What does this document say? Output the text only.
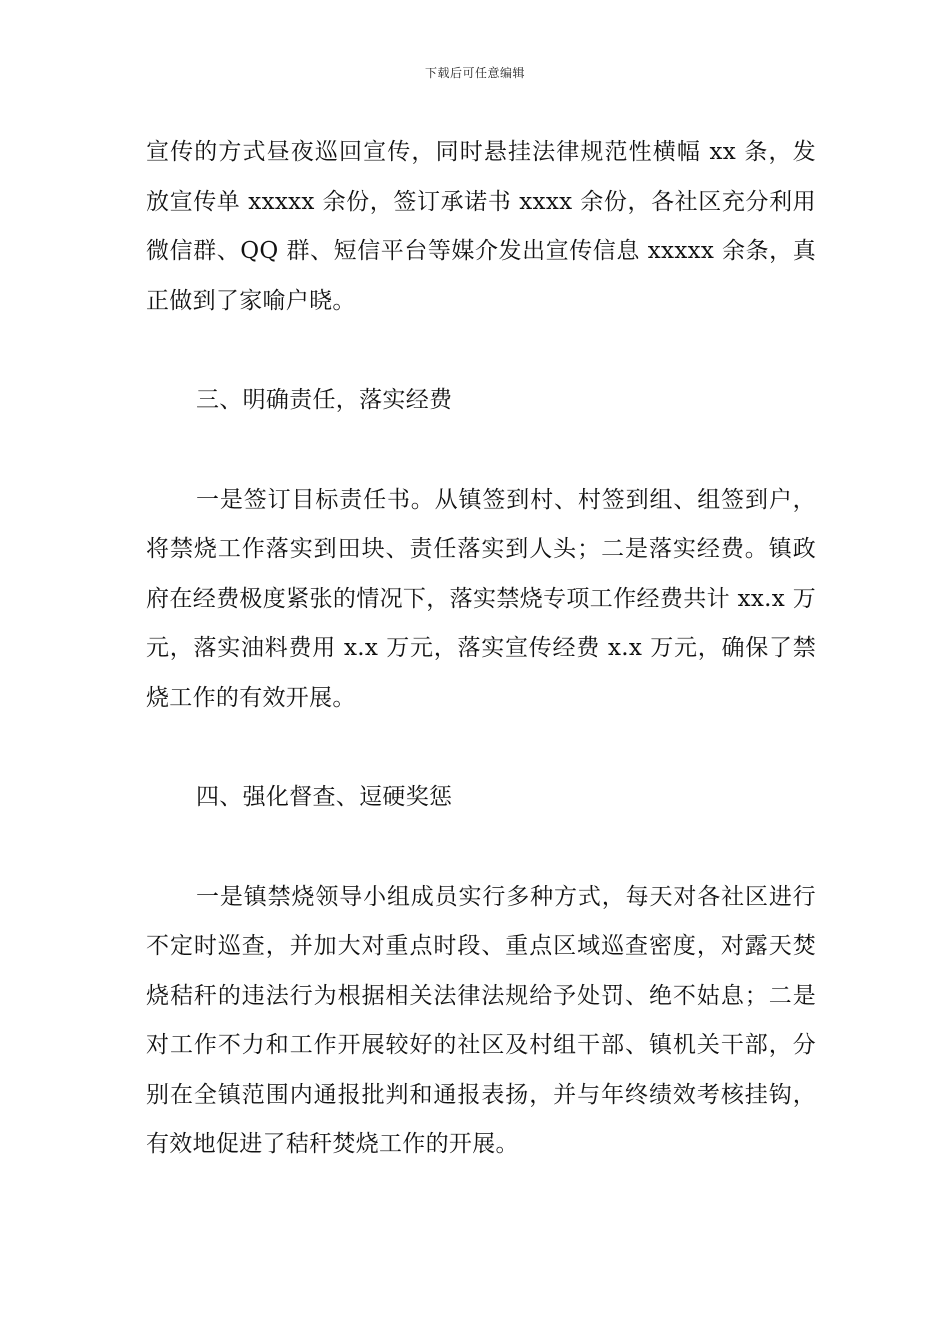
下载后可任意编辑

宣传的方式昼夜巡回宣传，同时悬挂法律规范性横幅 xx 条，发放宣传单 xxxxx 余份，签订承诺书 xxxx 余份，各社区充分利用微信群、QQ 群、短信平台等媒介发出宣传信息 xxxxx 余条，真正做到了家喻户晓。

三、明确责任，落实经费

一是签订目标责任书。从镇签到村、村签到组、组签到户，将禁烧工作落实到田块、责任落实到人头；二是落实经费。镇政府在经费极度紧张的情况下，落实禁烧专项工作经费共计 xx.x 万元，落实油料费用 x.x 万元，落实宣传经费 x.x 万元，确保了禁烧工作的有效开展。

四、强化督查、逗硬奖惩

一是镇禁烧领导小组成员实行多种方式，每天对各社区进行不定时巡查，并加大对重点时段、重点区域巡查密度，对露天焚烧秸秆的违法行为根据相关法律法规给予处罚、绝不姑息；二是对工作不力和工作开展较好的社区及村组干部、镇机关干部，分别在全镇范围内通报批判和通报表扬，并与年终绩效考核挂钩，有效地促进了秸秆焚烧工作的开展。
